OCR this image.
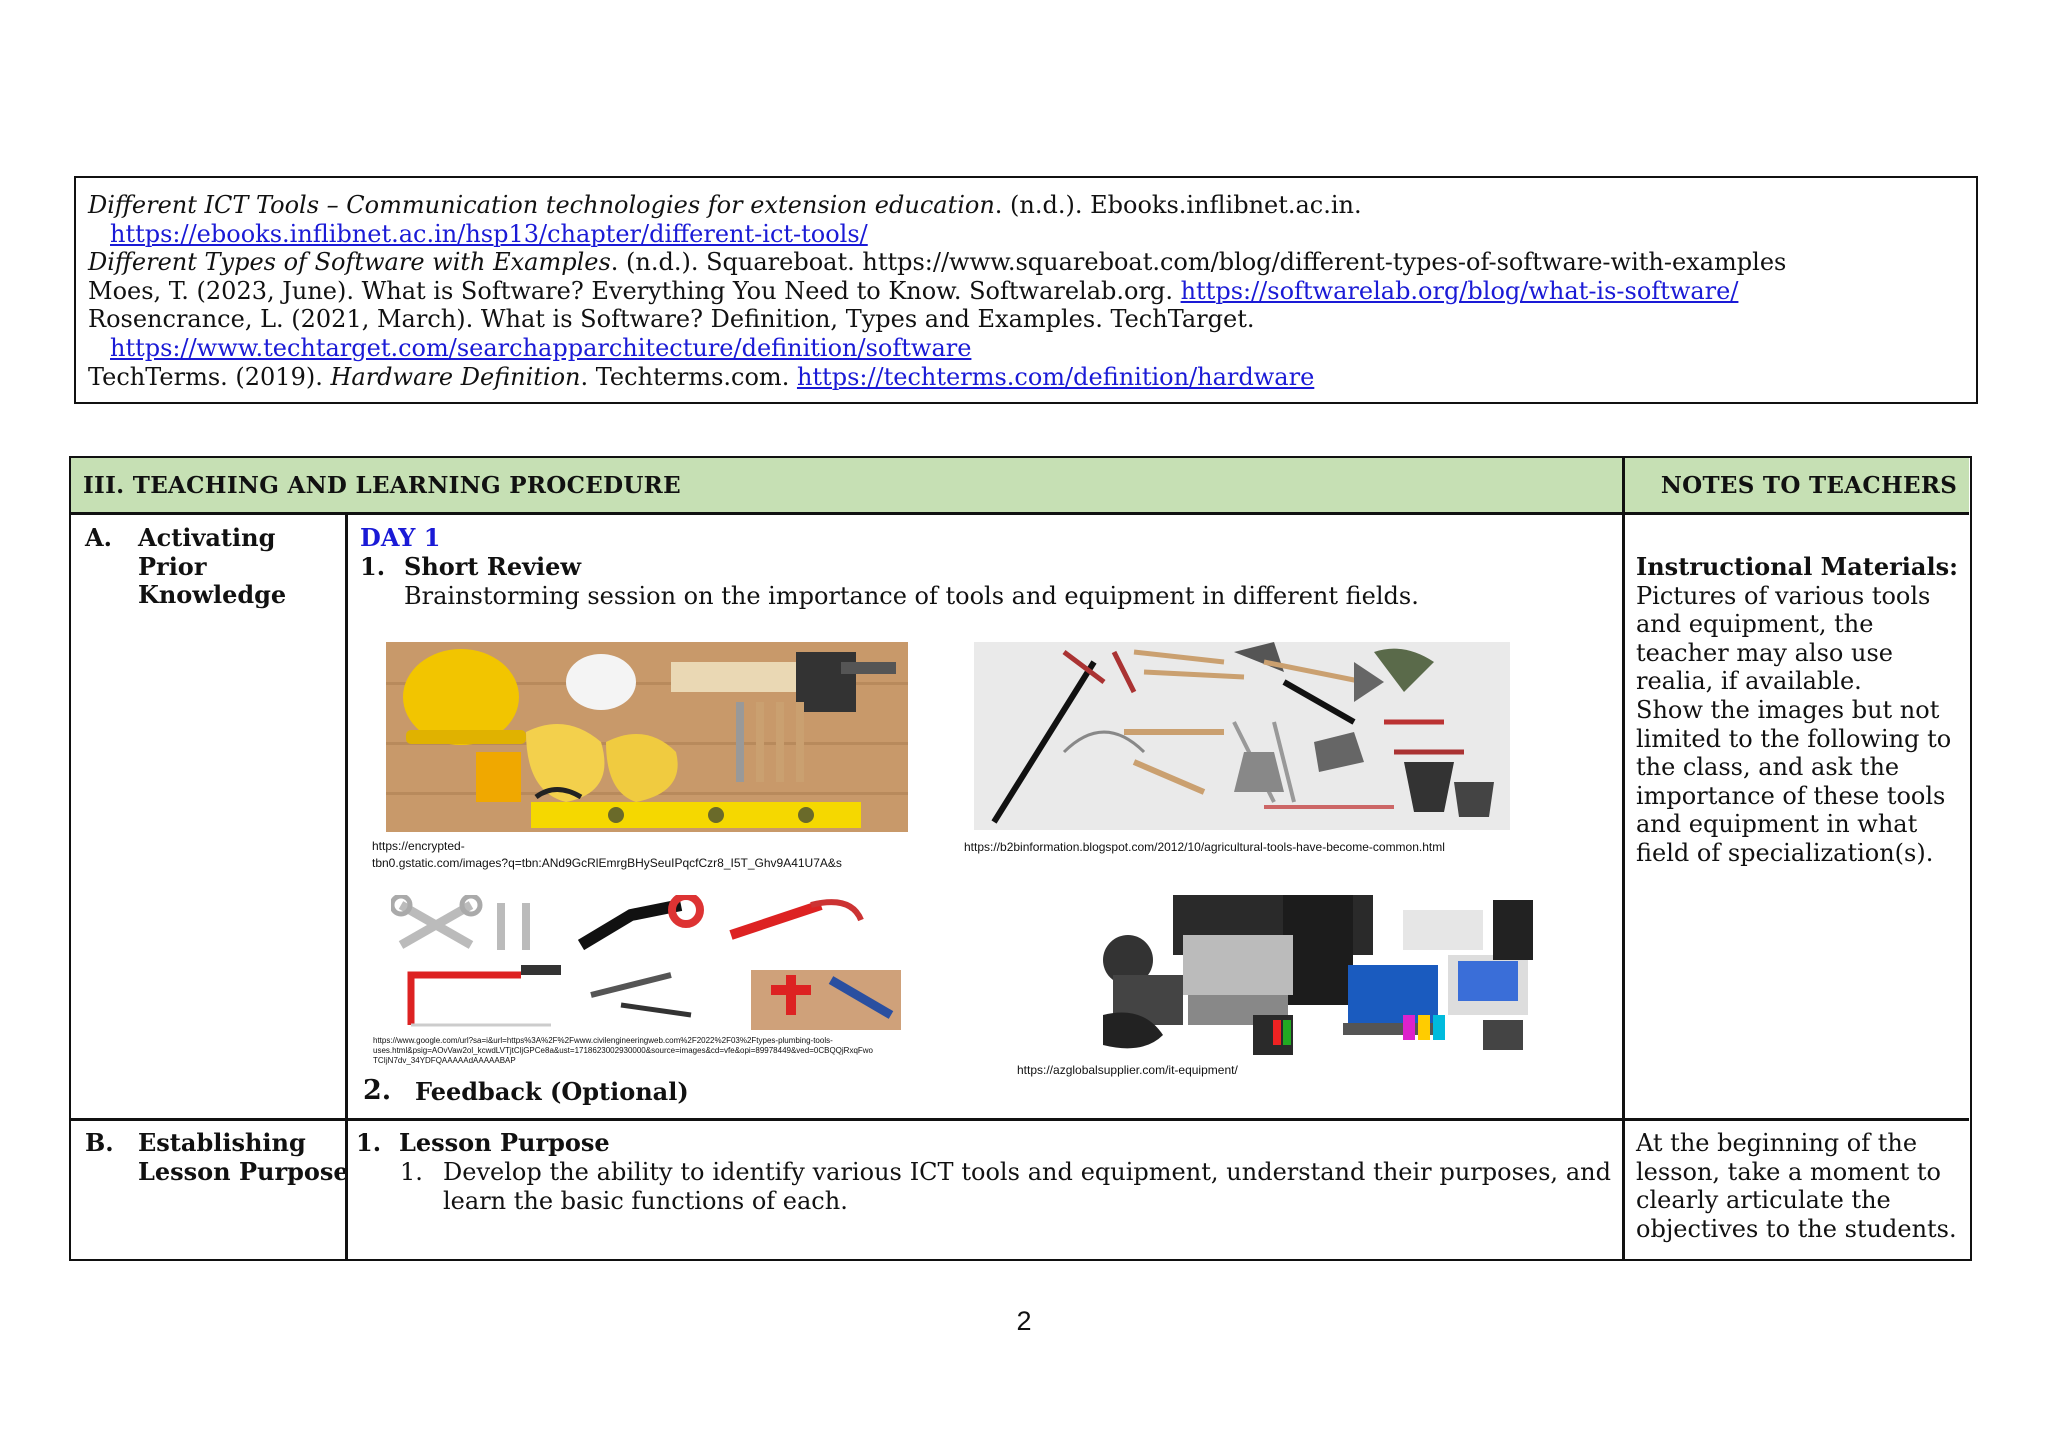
Different ICT Tools – Communication technologies for extension education. (n.d.). Ebooks.inflibnet.ac.in.
https://ebooks.inflibnet.ac.in/hsp13/chapter/different-ict-tools/
Different Types of Software with Examples. (n.d.). Squareboat. https://www.squareboat.com/blog/different-types-of-software-with-examples
Moes, T. (2023, June). What is Software? Everything You Need to Know. Softwarelab.org. https://softwarelab.org/blog/what-is-software/
Rosencrance, L. (2021, March). What is Software? Definition, Types and Examples. TechTarget.
https://www.techtarget.com/searchapparchitecture/definition/software
TechTerms. (2019). Hardware Definition. Techterms.com. https://techterms.com/definition/hardware
III. TEACHING AND LEARNING PROCEDURE	NOTES TO TEACHERS
A. Activating
Prior
Knowledge
DAY 1
1. Short Review
Brainstorming session on the importance of tools and equipment in different fields.
https://encrypted-
tbn0.gstatic.com/images?q=tbn:ANd9GcRlEmrgBHySeuIPqcfCzr8_I5T_Ghv9A41U7A&s
https://b2binformation.blogspot.com/2012/10/agricultural-tools-have-become-common.html
https://www.google.com/url?sa=i&url=https%3A%2F%2Fwww.civilengineeringweb.com%2F2022%2F03%2Ftypes-plumbing-tools-
uses.html&psig=AOvVaw2ol_kcwdLVTjtCljGPCe8a&ust=1718623002930000&source=images&cd=vfe&opi=89978449&ved=0CBQQjRxqFwo
TCIjN7dv_34YDFQAAAAAdAAAAABAP
https://azglobalsupplier.com/it-equipment/
2. Feedback (Optional)
Instructional Materials:
Pictures of various tools
and equipment, the
teacher may also use
realia, if available.
Show the images but not
limited to the following to
the class, and ask the
importance of these tools
and equipment in what
field of specialization(s).
B. Establishing
Lesson Purpose
1. Lesson Purpose
1. Develop the ability to identify various ICT tools and equipment, understand their purposes, and
learn the basic functions of each.
At the beginning of the
lesson, take a moment to
clearly articulate the
objectives to the students.
2
